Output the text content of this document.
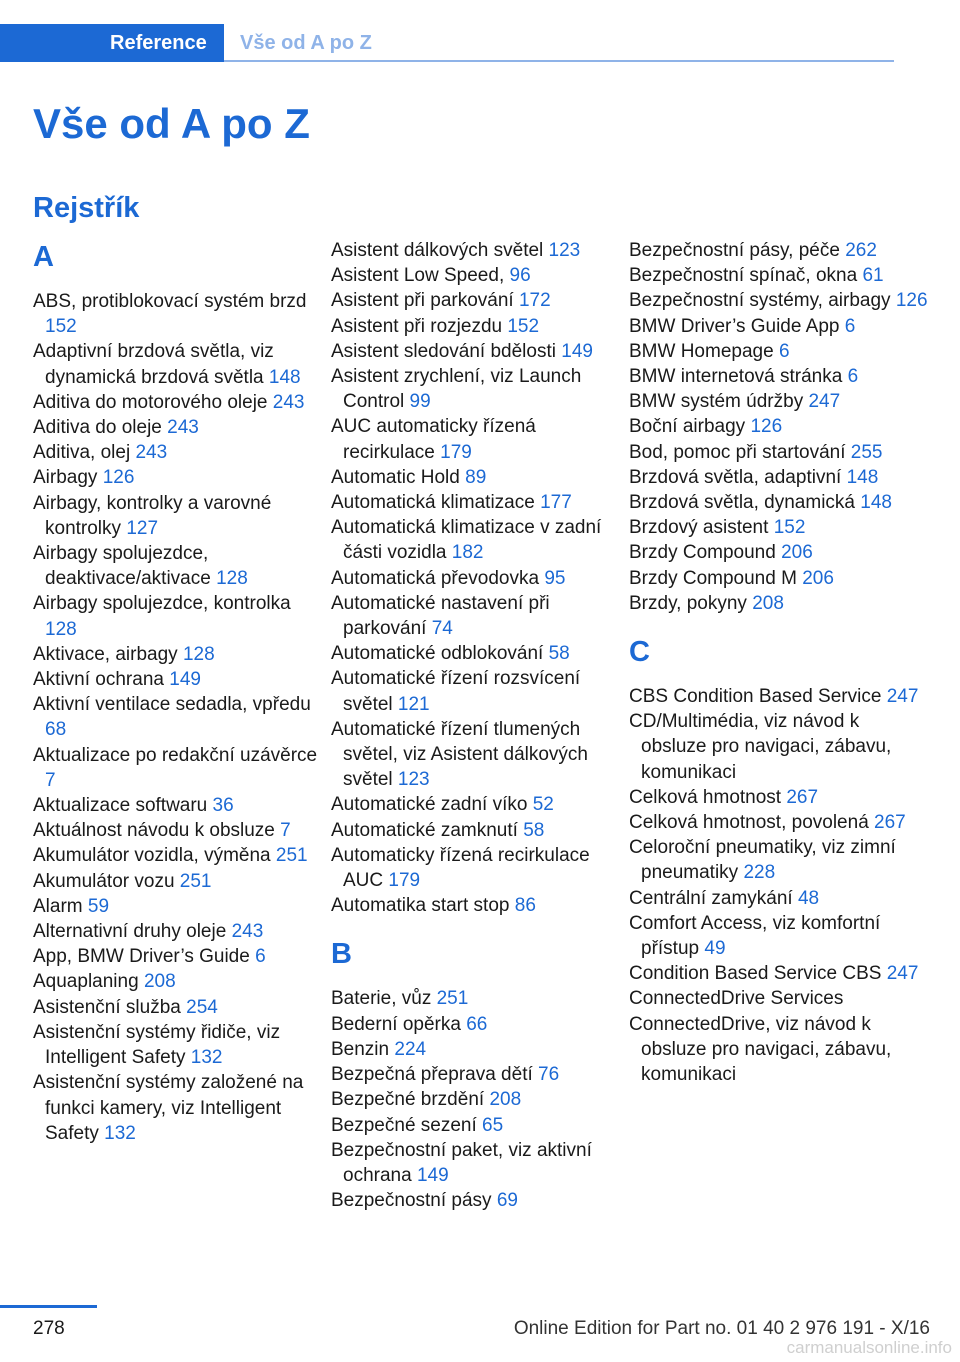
Reference	Vše od A po Z
Vše od A po Z
Rejstřík
A
ABS, protiblokovací systém brzd 152
Adaptivní brzdová světla, viz dynamická brzdová světla 148
Aditiva do motorového oleje 243
Aditiva do oleje 243
Aditiva, olej 243
Airbagy 126
Airbagy, kontrolky a varovné kontrolky 127
Airbagy spolujezdce, deaktivace/aktivace 128
Airbagy spolujezdce, kontrolka 128
Aktivace, airbagy 128
Aktivní ochrana 149
Aktivní ventilace sedadla, vpředu 68
Aktualizace po redakční uzávěrce 7
Aktualizace softwaru 36
Aktuálnost návodu k obsluze 7
Akumulátor vozidla, výměna 251
Akumulátor vozu 251
Alarm 59
Alternativní druhy oleje 243
App, BMW Driver’s Guide 6
Aquaplaning 208
Asistenční služba 254
Asistenční systémy řidiče, viz Intelligent Safety 132
Asistenční systémy založené na funkci kamery, viz Intelligent Safety 132
Asistent dálkových světel 123
Asistent Low Speed, 96
Asistent při parkování 172
Asistent při rozjezdu 152
Asistent sledování bdělosti 149
Asistent zrychlení, viz Launch Control 99
AUC automaticky řízená recirkulace 179
Automatic Hold 89
Automatická klimatizace 177
Automatická klimatizace v zadní části vozidla 182
Automatická převodovka 95
Automatické nastavení při parkování 74
Automatické odblokování 58
Automatické řízení rozsvícení světel 121
Automatické řízení tlumených světel, viz Asistent dálkových světel 123
Automatické zadní víko 52
Automatické zamknutí 58
Automaticky řízená recirkulace AUC 179
Automatika start stop 86
B
Baterie, vůz 251
Bederní opěrka 66
Benzin 224
Bezpečná přeprava dětí 76
Bezpečné brzdění 208
Bezpečné sezení 65
Bezpečnostní paket, viz aktivní ochrana 149
Bezpečnostní pásy 69
Bezpečnostní pásy, péče 262
Bezpečnostní spínač, okna 61
Bezpečnostní systémy, airbagy 126
BMW Driver’s Guide App 6
BMW Homepage 6
BMW internetová stránka 6
BMW systém údržby 247
Boční airbagy 126
Bod, pomoc při startování 255
Brzdová světla, adaptivní 148
Brzdová světla, dynamická 148
Brzdový asistent 152
Brzdy Compound 206
Brzdy Compound M 206
Brzdy, pokyny 208
C
CBS Condition Based Service 247
CD/Multimédia, viz návod k obsluze pro navigaci, zábavu, komunikaci
Celková hmotnost 267
Celková hmotnost, povolená 267
Celoroční pneumatiky, viz zimní pneumatiky 228
Centrální zamykání 48
Comfort Access, viz komfortní přístup 49
Condition Based Service CBS 247
ConnectedDrive Services
ConnectedDrive, viz návod k obsluze pro navigaci, zábavu, komunikaci
278	Online Edition for Part no. 01 40 2 976 191 - X/16
carmanualsonline.info
